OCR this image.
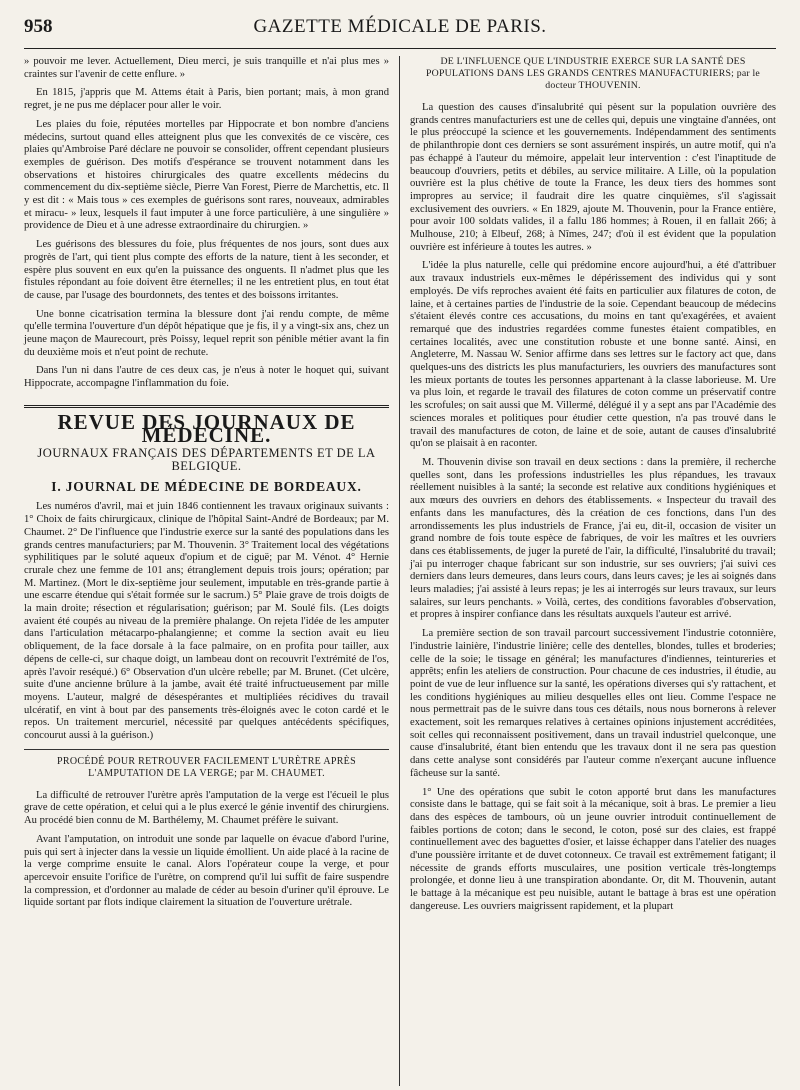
958	GAZETTE MÉDICALE DE PARIS.

» pouvoir me lever. Actuellement, Dieu merci, je suis tranquille et n'ai plus mes » craintes sur l'avenir de cette enflure. »

En 1815, j'appris que M. Attems était à Paris, bien portant; mais, à mon grand regret, je ne pus me déplacer pour aller le voir.

Les plaies du foie, réputées mortelles par Hippocrate et bon nombre d'anciens médecins, surtout quand elles atteignent plus que les convexités de ce viscère, ces plaies qu'Ambroise Paré déclare ne pouvoir se consolider, offrent cependant plusieurs exemples de guérison. Des motifs d'espérance se trouvent notamment dans les observations et histoires chirurgicales des quatre excellents médecins du commencement du dix-septième siècle, Pierre Van Forest, Pierre de Marchettis, etc. Il y est dit : « Mais tous » ces exemples de guérisons sont rares, nouveaux, admirables et miracu- » leux, lesquels il faut imputer à une force particulière, à une singulière » providence de Dieu et à une adresse extraordinaire du chirurgien. »

Les guérisons des blessures du foie, plus fréquentes de nos jours, sont dues aux progrès de l'art, qui tient plus compte des efforts de la nature, tient à les seconder, et espère plus souvent en eux qu'en la puissance des onguents. Il n'admet plus que les fistules répondant au foie doivent être éternelles; il ne les entretient plus, en tout état de cause, par l'usage des bourdonnets, des tentes et des boissons irritantes.

Une bonne cicatrisation termina la blessure dont j'ai rendu compte, de même qu'elle termina l'ouverture d'un dépôt hépatique que je fis, il y a vingt-six ans, chez un jeune maçon de Maurecourt, près Poissy, lequel reprit son pénible métier avant la fin du deuxième mois et n'eut point de rechute.

Dans l'un ni dans l'autre de ces deux cas, je n'eus à noter le hoquet qui, suivant Hippocrate, accompagne l'inflammation du foie.

REVUE DES JOURNAUX DE MÉDECINE.
JOURNAUX FRANÇAIS DES DÉPARTEMENTS ET DE LA BELGIQUE.
I. JOURNAL DE MÉDECINE DE BORDEAUX.

Les numéros d'avril, mai et juin 1846 contiennent les travaux originaux suivants : 1° Choix de faits chirurgicaux, clinique de l'hôpital Saint-André de Bordeaux; par M. Chaumet. 2° De l'influence que l'industrie exerce sur la santé des populations dans les grands centres manufacturiers; par M. Thouvenin. 3° Traitement local des végétations syphilitiques par le soluté aqueux d'opium et de ciguë; par M. Vénot. 4° Hernie crurale chez une femme de 101 ans; étranglement depuis trois jours; opération; par M. Martinez. (Mort le dix-septième jour seulement, imputable en très-grande partie à une escarre étendue qui s'était formée sur le sacrum.) 5° Plaie grave de trois doigts de la main droite; résection et régularisation; guérison; par M. Soulé fils. (Les doigts avaient été coupés au niveau de la première phalange. On rejeta l'idée de les amputer dans l'articulation métacarpo-phalangienne; et comme la section avait eu lieu obliquement, de la face dorsale à la face palmaire, on en profita pour tailler, aux dépens de celle-ci, sur chaque doigt, un lambeau dont on recouvrit l'extrémité de l'os, après l'avoir reséqué.) 6° Observation d'un ulcère rebelle; par M. Brunet. (Cet ulcère, suite d'une ancienne brûlure à la jambe, avait été traité infructueusement par mille moyens. L'auteur, malgré de désespérantes et multipliées récidives du travail ulcératif, en vint à bout par des pansements très-éloignés avec le coton cardé et le repos. Un traitement mercuriel, nécessité par quelques antécédents spécifiques, concourut aussi à la guérison.)

PROCÉDÉ POUR RETROUVER FACILEMENT L'URÈTRE APRÈS L'AMPUTATION DE LA VERGE; par M. CHAUMET.

La difficulté de retrouver l'urètre après l'amputation de la verge est l'écueil le plus grave de cette opération, et celui qui a le plus exercé le génie inventif des chirurgiens. Au procédé bien connu de M. Barthélemy, M. Chaumet préfère le suivant.

Avant l'amputation, on introduit une sonde par laquelle on évacue d'abord l'urine, puis qui sert à injecter dans la vessie un liquide émollient. Un aide placé à la racine de la verge comprime ensuite le canal. Alors l'opérateur coupe la verge, et pour apercevoir ensuite l'orifice de l'urètre, on comprend qu'il lui suffit de faire suspendre la compression, et d'ordonner au malade de céder au besoin d'uriner qu'il éprouve. Le liquide sortant par flots indique clairement la situation de l'ouverture urétrale.

DE L'INFLUENCE QUE L'INDUSTRIE EXERCE SUR LA SANTÉ DES POPULATIONS DANS LES GRANDS CENTRES MANUFACTURIERS; par le docteur THOUVENIN.

La question des causes d'insalubrité qui pèsent sur la population ouvrière des grands centres manufacturiers est une de celles qui, depuis une vingtaine d'années, ont le plus préoccupé la science et les gouvernements. Indépendamment des sentiments de philanthropie dont ces derniers se sont assurément inspirés, un autre motif, qui n'a pas échappé à l'auteur du mémoire, appelait leur intervention : c'est l'inaptitude de beaucoup d'ouvriers, petits et débiles, au service militaire. A Lille, où la population ouvrière est la plus chétive de toute la France, les deux tiers des hommes sont impropres au service; il faudrait dire les quatre cinquièmes, s'il s'agissait exclusivement des ouvriers. « En 1829, ajoute M. Thouvenin, pour la France entière, pour avoir 100 soldats valides, il a fallu 186 hommes; à Rouen, il en fallait 266; à Mulhouse, 210; à Elbeuf, 268; à Nîmes, 247; d'où il est évident que la population ouvrière est inférieure à toutes les autres. »

L'idée la plus naturelle, celle qui prédomine encore aujourd'hui, a été d'attribuer aux travaux industriels eux-mêmes le dépérissement des individus qui y sont employés. De vifs reproches avaient été faits en particulier aux filatures de coton, de laine, et à certaines parties de l'industrie de la soie. Cependant beaucoup de médecins s'étaient élevés contre ces accusations, du moins en tant qu'exagérées, et avaient remarqué que des industries regardées comme funestes étaient compatibles, en certaines localités, avec une constitution robuste et une bonne santé. Ainsi, en Angleterre, M. Nassau W. Senior affirme dans ses lettres sur le factory act que, dans quelques-uns des districts les plus manufacturiers, les ouvriers des manufactures sont les mieux portants de toutes les personnes appartenant à la classe laborieuse. M. Ure va plus loin, et regarde le travail des filatures de coton comme un préservatif contre les scrofules; on sait aussi que M. Villermé, délégué il y a sept ans par l'Académie des sciences morales et politiques pour étudier cette question, n'a pas trouvé dans le travail des manufactures de coton, de laine et de soie, autant de causes d'insalubrité qu'on se plaisait à en raconter.

M. Thouvenin divise son travail en deux sections : dans la première, il recherche quelles sont, dans les professions industrielles les plus répandues, les travaux réellement nuisibles à la santé; la seconde est relative aux conditions hygiéniques et aux mœurs des ouvriers en dehors des établissements. « Inspecteur du travail des enfants dans les manufactures, dès la création de ces fonctions, dans l'un des arrondissements les plus industriels de France, j'ai eu, dit-il, occasion de visiter un grand nombre de fois toute espèce de fabriques, de voir les maîtres et les ouvriers dans ces établissements, de juger la pureté de l'air, la difficulté, l'insalubrité du travail; j'ai pu interroger chaque fabricant sur son industrie, sur ses ouvriers; j'ai suivi ces derniers dans leurs demeures, dans leurs cours, dans leurs caves; je les ai soignés dans leurs maladies; j'ai assisté à leurs repas; je les ai interrogés sur leurs travaux, sur leurs salaires, sur leurs penchants. » Voilà, certes, des conditions favorables d'observation, et propres à inspirer confiance dans les résultats auxquels l'auteur est arrivé.

La première section de son travail parcourt successivement l'industrie cotonnière, l'industrie lainière, l'industrie linière; celle des dentelles, blondes, tulles et broderies; celle de la soie; le tissage en général; les manufactures d'indiennes, teintureries et apprêts; enfin les ateliers de construction. Pour chacune de ces industries, il étudie, au point de vue de leur influence sur la santé, les opérations diverses qui s'y rattachent, et les conditions hygiéniques au milieu desquelles elles ont lieu. Comme l'espace ne nous permettrait pas de le suivre dans tous ces détails, nous nous bornerons à relever exactement, soit les remarques relatives à certaines opinions injustement accréditées, soit celles qui reconnaissent positivement, dans un travail industriel quelconque, une cause d'insalubrité, étant bien entendu que les travaux dont il ne sera pas question dans cette analyse sont considérés par l'auteur comme n'exerçant aucune influence fâcheuse sur la santé.

1° Une des opérations que subit le coton apporté brut dans les manufactures consiste dans le battage, qui se fait soit à la mécanique, soit à bras. Le premier a lieu dans des espèces de tambours, où un jeune ouvrier introduit continuellement de faibles portions de coton; dans le second, le coton, posé sur des claies, est frappé continuellement avec des baguettes d'osier, et laisse échapper dans l'atelier des nuages d'une poussière irritante et de duvet cotonneux. Ce travail est extrêmement fatigant; il nécessite de grands efforts musculaires, une position verticale très-longtemps prolongée, et donne lieu à une transpiration abondante. Or, dit M. Thouvenin, autant le battage à la mécanique est peu nuisible, autant le battage à bras est une opération dangereuse. Les ouvriers maigrissent rapidement, et la plupart
